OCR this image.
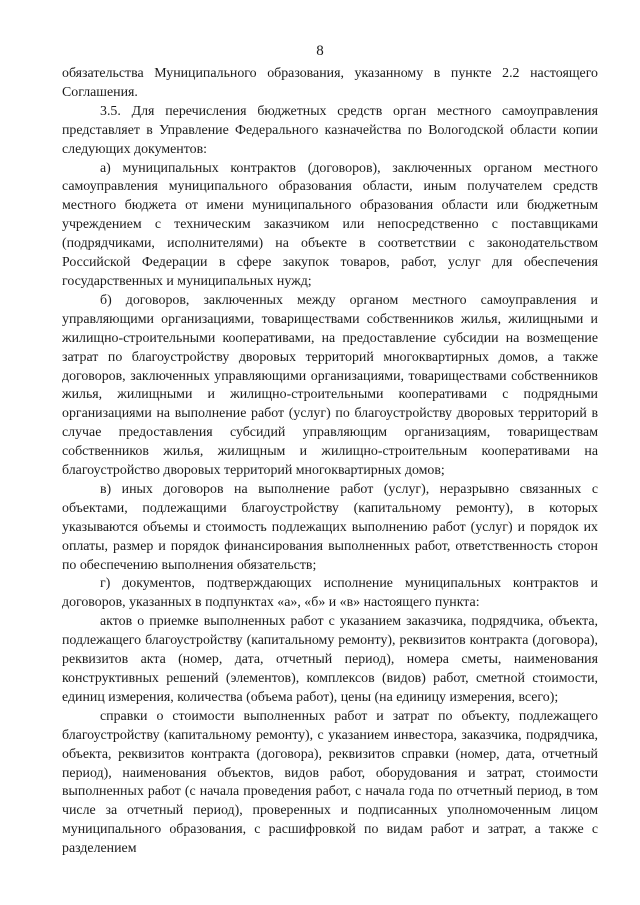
8

обязательства Муниципального образования, указанному в пункте 2.2 настоящего Соглашения.

3.5. Для перечисления бюджетных средств орган местного самоуправления представляет в Управление Федерального казначейства по Вологодской области копии следующих документов:

а) муниципальных контрактов (договоров), заключенных органом местного самоуправления муниципального образования области, иным получателем средств местного бюджета от имени муниципального образования области или бюджетным учреждением с техническим заказчиком или непосредственно с поставщиками (подрядчиками, исполнителями) на объекте в соответствии с законодательством Российской Федерации в сфере закупок товаров, работ, услуг для обеспечения государственных и муниципальных нужд;

б) договоров, заключенных между органом местного самоуправления и управляющими организациями, товариществами собственников жилья, жилищными и жилищно-строительными кооперативами, на предоставление субсидии на возмещение затрат по благоустройству дворовых территорий многоквартирных домов, а также договоров, заключенных управляющими организациями, товариществами собственников жилья, жилищными и жилищно-строительными кооперативами с подрядными организациями на выполнение работ (услуг) по благоустройству дворовых территорий в случае предоставления субсидий управляющим организациям, товариществам собственников жилья, жилищным и жилищно-строительным кооперативами на благоустройство дворовых территорий многоквартирных домов;

в) иных договоров на выполнение работ (услуг), неразрывно связанных с объектами, подлежащими благоустройству (капитальному ремонту), в которых указываются объемы и стоимость подлежащих выполнению работ (услуг) и порядок их оплаты, размер и порядок финансирования выполненных работ, ответственность сторон по обеспечению выполнения обязательств;

г) документов, подтверждающих исполнение муниципальных контрактов и договоров, указанных в подпунктах «а», «б» и «в» настоящего пункта:

актов о приемке выполненных работ с указанием заказчика, подрядчика, объекта, подлежащего благоустройству (капитальному ремонту), реквизитов контракта (договора), реквизитов акта (номер, дата, отчетный период), номера сметы, наименования конструктивных решений (элементов), комплексов (видов) работ, сметной стоимости, единиц измерения, количества (объема работ), цены (на единицу измерения, всего);

справки о стоимости выполненных работ и затрат по объекту, подлежащего благоустройству (капитальному ремонту), с указанием инвестора, заказчика, подрядчика, объекта, реквизитов контракта (договора), реквизитов справки (номер, дата, отчетный период), наименования объектов, видов работ, оборудования и затрат, стоимости выполненных работ (с начала проведения работ, с начала года по отчетный период, в том числе за отчетный период), проверенных и подписанных уполномоченным лицом муниципального образования, с расшифровкой по видам работ и затрат, а также с разделением
